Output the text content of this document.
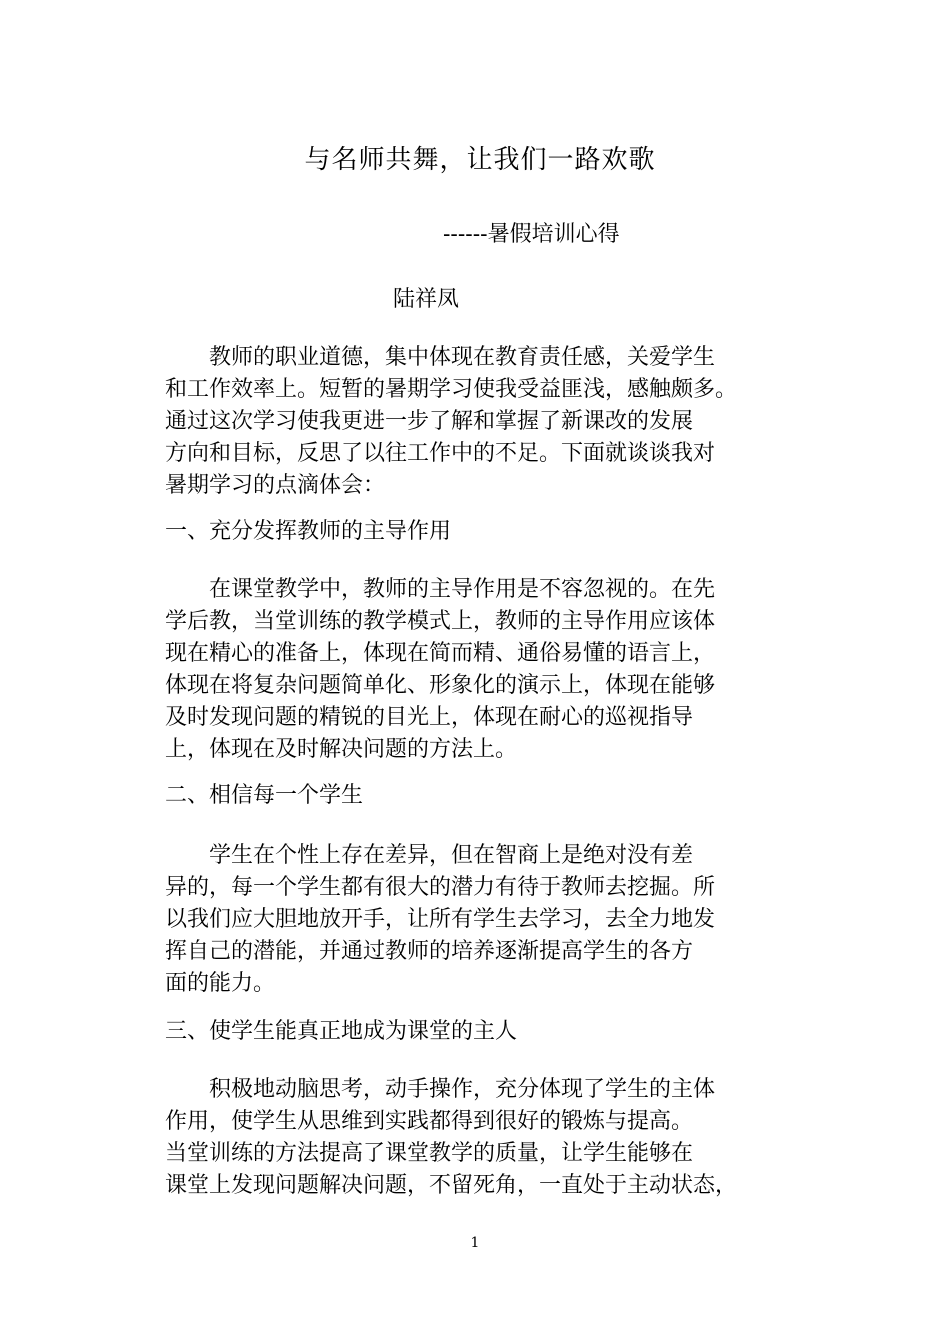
与名师共舞，让我们一路欢歌
------暑假培训心得
陆祥凤
　　教师的职业道德，集中体现在教育责任感，关爱学生
和工作效率上。短暂的暑期学习使我受益匪浅，感触颇多。
通过这次学习使我更进一步了解和掌握了新课改的发展
方向和目标，反思了以往工作中的不足。下面就谈谈我对
暑期学习的点滴体会：
一、充分发挥教师的主导作用
　　在课堂教学中，教师的主导作用是不容忽视的。在先
学后教，当堂训练的教学模式上，教师的主导作用应该体
现在精心的准备上，体现在简而精、通俗易懂的语言上，
体现在将复杂问题简单化、形象化的演示上，体现在能够
及时发现问题的精锐的目光上，体现在耐心的巡视指导
上，体现在及时解决问题的方法上。
二、相信每一个学生
　　学生在个性上存在差异，但在智商上是绝对没有差
异的，每一个学生都有很大的潜力有待于教师去挖掘。所
以我们应大胆地放开手，让所有学生去学习，去全力地发
挥自己的潜能，并通过教师的培养逐渐提高学生的各方
面的能力。
三、使学生能真正地成为课堂的主人
　　积极地动脑思考，动手操作，充分体现了学生的主体
作用，使学生从思维到实践都得到很好的锻炼与提高。
当堂训练的方法提高了课堂教学的质量，让学生能够在
课堂上发现问题解决问题，不留死角，一直处于主动状态，
1
